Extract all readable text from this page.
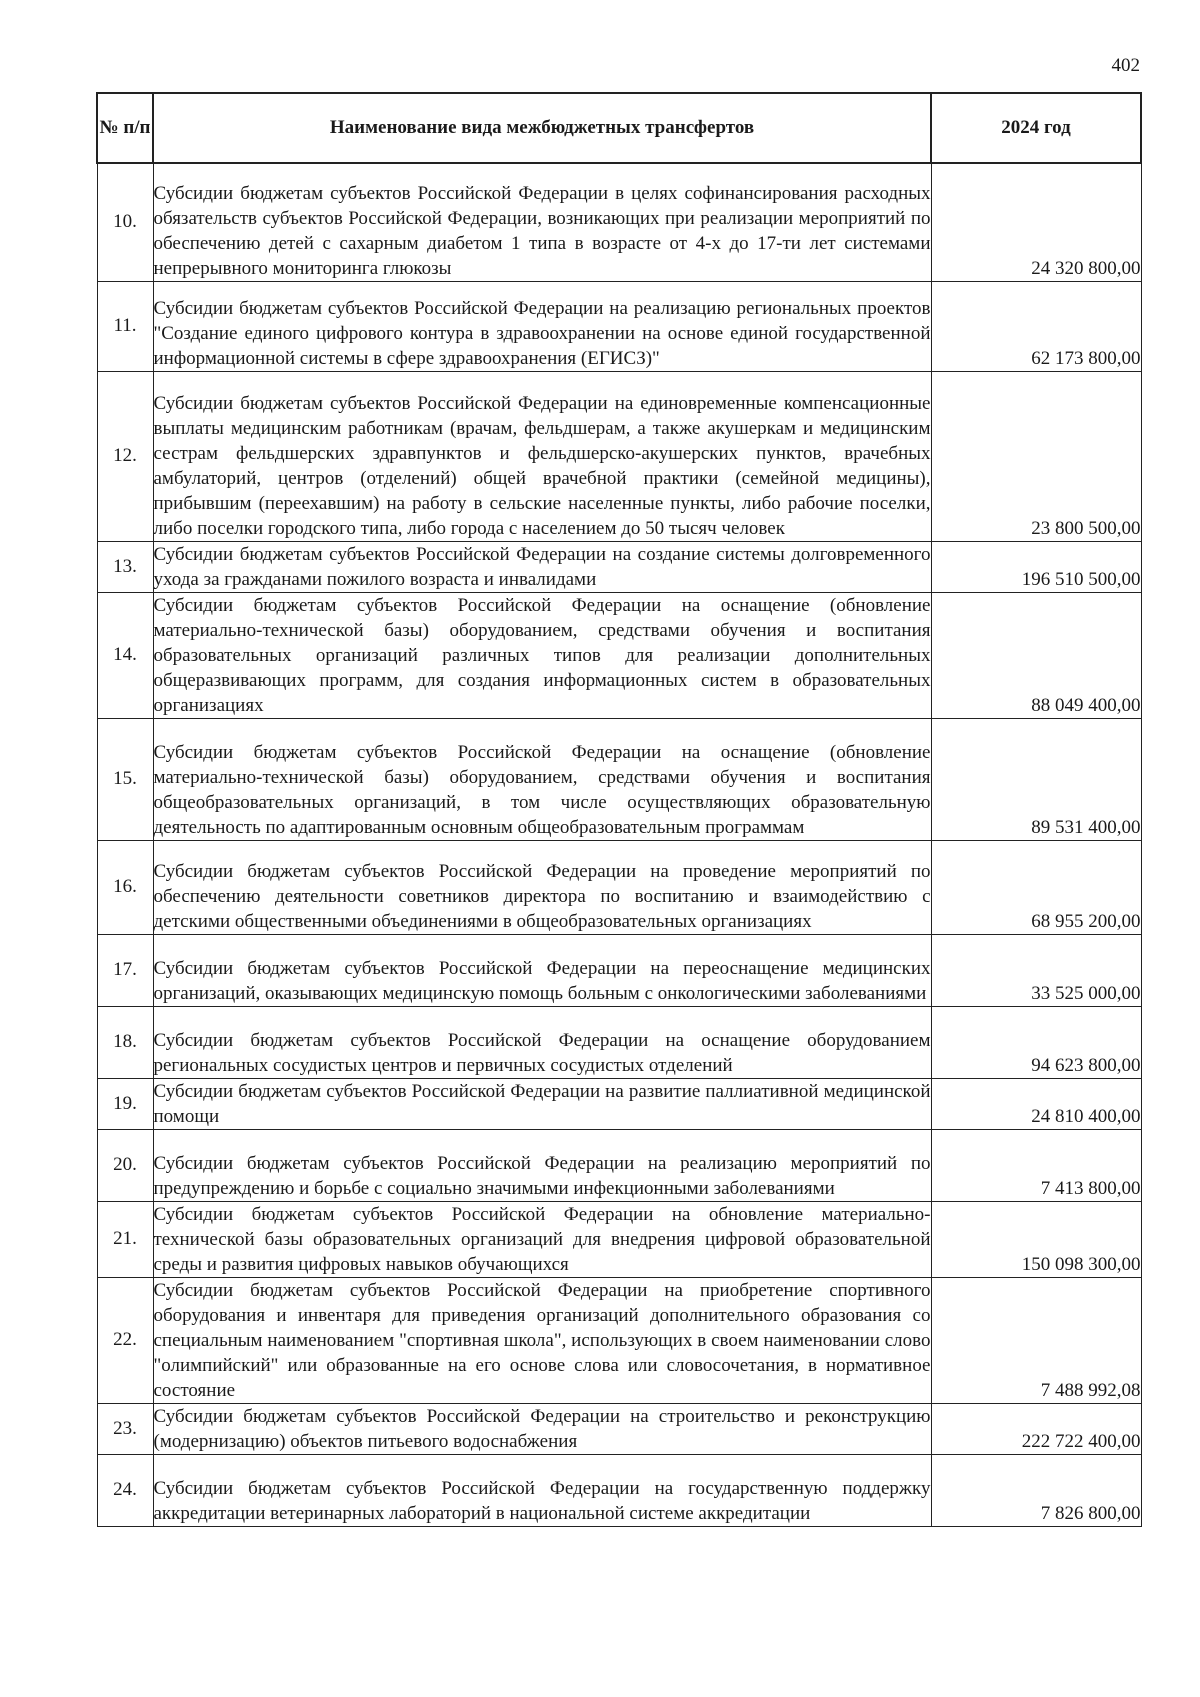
402
№ п/п	Наименование вида межбюджетных трансфертов	2024 год
10.	Субсидии бюджетам субъектов Российской Федерации в целях софинансирования расходных обязательств субъектов Российской Федерации, возникающих при реализации мероприятий по обеспечению детей с сахарным диабетом 1 типа в возрасте от 4-х до 17-ти лет системами непрерывного мониторинга глюкозы	24 320 800,00
11.	Субсидии бюджетам субъектов Российской Федерации на реализацию региональных проектов "Создание единого цифрового контура в здравоохранении на основе единой государственной информационной системы в сфере здравоохранения (ЕГИСЗ)"	62 173 800,00
12.	Субсидии бюджетам субъектов Российской Федерации на единовременные компенсационные выплаты медицинским работникам (врачам, фельдшерам, а также акушеркам и медицинским сестрам фельдшерских здравпунктов и фельдшерско-акушерских пунктов, врачебных амбулаторий, центров (отделений) общей врачебной практики (семейной медицины), прибывшим (переехавшим) на работу в сельские населенные пункты, либо рабочие поселки, либо поселки городского типа, либо города с населением до 50 тысяч человек	23 800 500,00
13.	Субсидии бюджетам субъектов Российской Федерации на создание системы долговременного ухода за гражданами пожилого возраста и инвалидами	196 510 500,00
14.	Субсидии бюджетам субъектов Российской Федерации на оснащение (обновление материально-технической базы) оборудованием, средствами обучения и воспитания образовательных организаций различных типов для реализации дополнительных общеразвивающих программ, для создания информационных систем в образовательных организациях	88 049 400,00
15.	Субсидии бюджетам субъектов Российской Федерации на оснащение (обновление материально-технической базы) оборудованием, средствами обучения и воспитания общеобразовательных организаций, в том числе осуществляющих образовательную деятельность по адаптированным основным общеобразовательным программам	89 531 400,00
16.	Субсидии бюджетам субъектов Российской Федерации на проведение мероприятий по обеспечению деятельности советников директора по воспитанию и взаимодействию с детскими общественными объединениями в общеобразовательных организациях	68 955 200,00
17.	Субсидии бюджетам субъектов Российской Федерации на переоснащение медицинских организаций, оказывающих медицинскую помощь больным с онкологическими заболеваниями	33 525 000,00
18.	Субсидии бюджетам субъектов Российской Федерации на оснащение оборудованием региональных сосудистых центров и первичных сосудистых отделений	94 623 800,00
19.	Субсидии бюджетам субъектов Российской Федерации на развитие паллиативной медицинской помощи	24 810 400,00
20.	Субсидии бюджетам субъектов Российской Федерации на реализацию мероприятий по предупреждению и борьбе с социально значимыми инфекционными заболеваниями	7 413 800,00
21.	Субсидии бюджетам субъектов Российской Федерации на обновление материально-технической базы образовательных организаций для внедрения цифровой образовательной среды и развития цифровых навыков обучающихся	150 098 300,00
22.	Субсидии бюджетам субъектов Российской Федерации на приобретение спортивного оборудования и инвентаря для приведения организаций дополнительного образования со специальным наименованием "спортивная школа", использующих в своем наименовании слово "олимпийский" или образованные на его основе слова или словосочетания, в нормативное состояние	7 488 992,08
23.	Субсидии бюджетам субъектов Российской Федерации на строительство и реконструкцию (модернизацию) объектов питьевого водоснабжения	222 722 400,00
24.	Субсидии бюджетам субъектов Российской Федерации на государственную поддержку аккредитации ветеринарных лабораторий в национальной системе аккредитации	7 826 800,00
